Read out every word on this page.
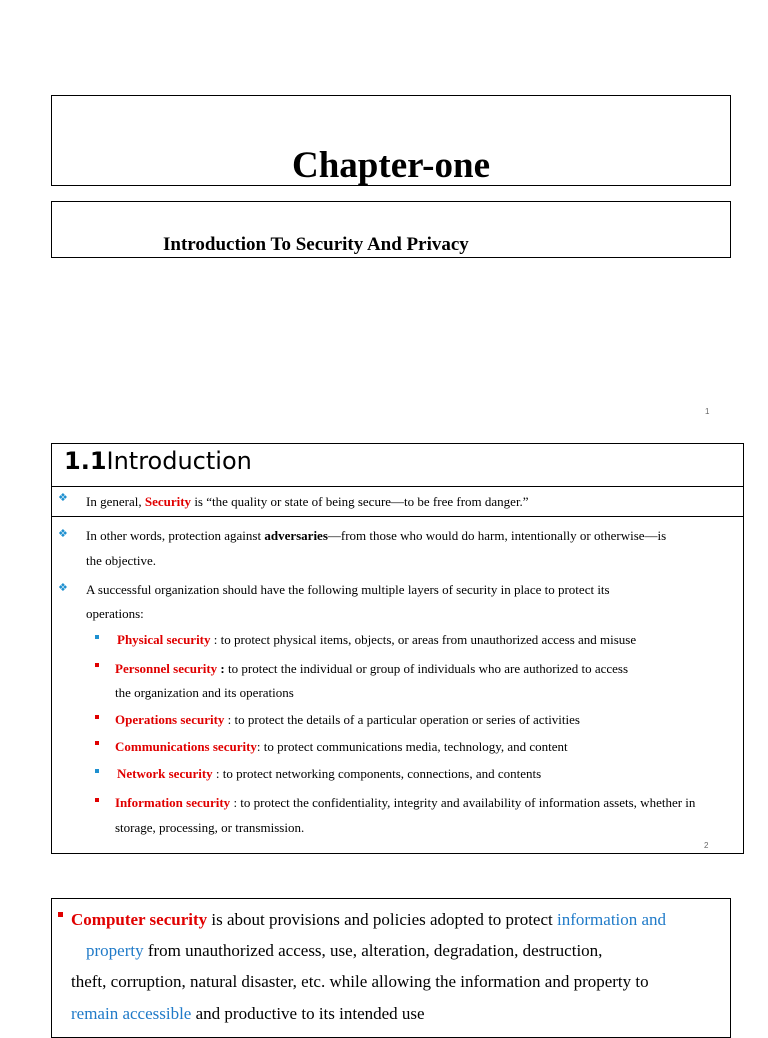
Chapter-one
Introduction To Security And Privacy
1
1.1Introduction
❖ In general, Security is “the quality or state of being secure—to be free from danger.”
❖ In other words, protection against adversaries—from those who would do harm, intentionally or otherwise—is
the objective.
❖ A successful organization should have the following multiple layers of security in place to protect its
operations:
Physical security : to protect physical items, objects, or areas from unauthorized access and misuse
Personnel security : to protect the individual or group of individuals who are authorized to access
the organization and its operations
Operations security : to protect the details of a particular operation or series of activities
Communications security: to protect communications media, technology, and content
Network security : to protect networking components, connections, and contents
Information security : to protect the confidentiality, integrity and availability of information assets, whether in
storage, processing, or transmission.
2
Computer security is about provisions and policies adopted to protect information and
property from unauthorized access, use, alteration, degradation, destruction,
theft, corruption, natural disaster, etc. while allowing the information and property to
remain accessible and productive to its intended use
